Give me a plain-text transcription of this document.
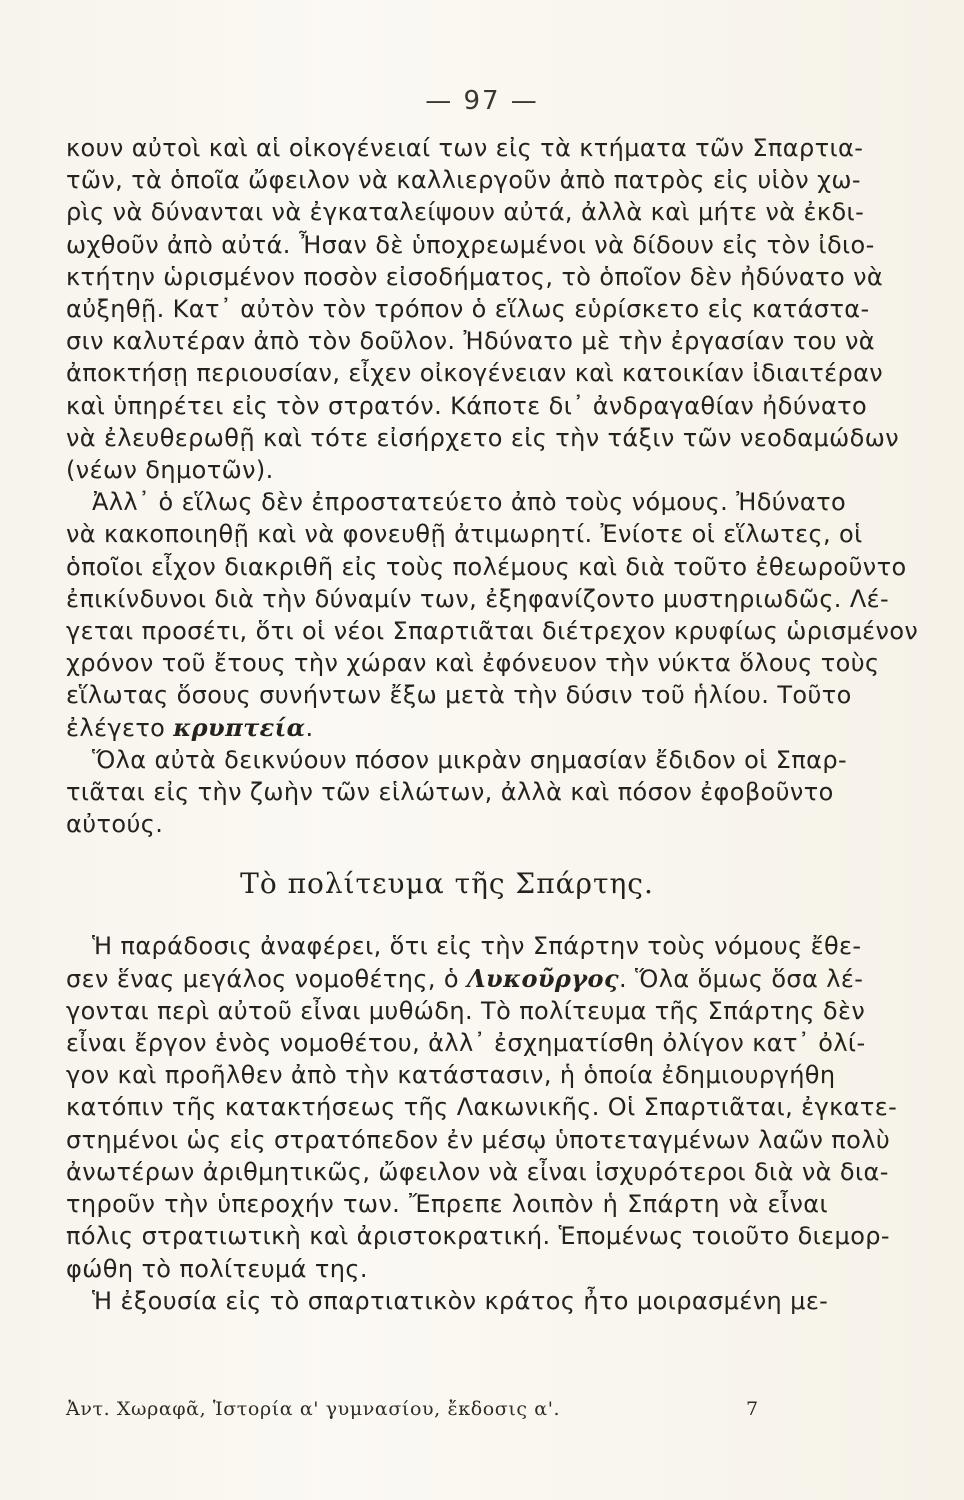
— 97 —

κουν αὐτοὶ καὶ αἱ οἰκογένειαί των εἰς τὰ κτήματα τῶν Σπαρτια-
τῶν, τὰ ὁποῖα ὤφειλον νὰ καλλιεργοῦν ἀπὸ πατρὸς εἰς υἱὸν χω-
ρὶς νὰ δύνανται νὰ ἐγκαταλείψουν αὐτά, ἀλλὰ καὶ μήτε νὰ ἐκδι-
ωχθοῦν ἀπὸ αὐτά. Ἦσαν δὲ ὑποχρεωμένοι νὰ δίδουν εἰς τὸν ἰδιο-
κτήτην ὡρισμένον ποσὸν εἰσοδήματος, τὸ ὁποῖον δὲν ἠδύνατο νὰ
αὐξηθῇ. Κατ᾿ αὐτὸν τὸν τρόπον ὁ εἵλως εὑρίσκετο εἰς κατάστα-
σιν καλυτέραν ἀπὸ τὸν δοῦλον. Ἠδύνατο μὲ τὴν ἐργασίαν του νὰ
ἀποκτήσῃ περιουσίαν, εἶχεν οἰκογένειαν καὶ κατοικίαν ἰδιαιτέραν
καὶ ὑπηρέτει εἰς τὸν στρατόν. Κάποτε δι᾿ ἀνδραγαθίαν ἠδύνατο
νὰ ἐλευθερωθῇ καὶ τότε εἰσήρχετο εἰς τὴν τάξιν τῶν νεοδαμώδων
(νέων δημοτῶν).

Ἀλλ᾿ ὁ εἵλως δὲν ἐπροστατεύετο ἀπὸ τοὺς νόμους. Ἠδύνατο
νὰ κακοποιηθῇ καὶ νὰ φονευθῇ ἀτιμωρητί. Ἐνίοτε οἱ εἵλωτες, οἱ
ὁποῖοι εἶχον διακριθῆ εἰς τοὺς πολέμους καὶ διὰ τοῦτο ἐθεωροῦντο
ἐπικίνδυνοι διὰ τὴν δύναμίν των, ἐξηφανίζοντο μυστηριωδῶς. Λέ-
γεται προσέτι, ὅτι οἱ νέοι Σπαρτιᾶται διέτρεχον κρυφίως ὡρισμένον
χρόνον τοῦ ἔτους τὴν χώραν καὶ ἐφόνευον τὴν νύκτα ὅλους τοὺς
εἵλωτας ὅσους συνήντων ἔξω μετὰ τὴν δύσιν τοῦ ἡλίου. Τοῦτο
ἐλέγετο κρυπτεία.

Ὅλα αὐτὰ δεικνύουν πόσον μικρὰν σημασίαν ἔδιδον οἱ Σπαρ-
τιᾶται εἰς τὴν ζωὴν τῶν εἱλώτων, ἀλλὰ καὶ πόσον ἐφοβοῦντο
αὐτούς.

Τὸ πολίτευμα τῆς Σπάρτης.

Ἡ παράδοσις ἀναφέρει, ὅτι εἰς τὴν Σπάρτην τοὺς νόμους ἔθε-
σεν ἕνας μεγάλος νομοθέτης, ὁ Λυκοῦργος. Ὅλα ὅμως ὅσα λέ-
γονται περὶ αὐτοῦ εἶναι μυθώδη. Τὸ πολίτευμα τῆς Σπάρτης δὲν
εἶναι ἔργον ἑνὸς νομοθέτου, ἀλλ᾿ ἐσχηματίσθη ὀλίγον κατ᾿ ὀλί-
γον καὶ προῆλθεν ἀπὸ τὴν κατάστασιν, ἡ ὁποία ἐδημιουργήθη
κατόπιν τῆς κατακτήσεως τῆς Λακωνικῆς. Οἱ Σπαρτιᾶται, ἐγκατε-
στημένοι ὡς εἰς στρατόπεδον ἐν μέσῳ ὑποτεταγμένων λαῶν πολὺ
ἀνωτέρων ἀριθμητικῶς, ὤφειλον νὰ εἶναι ἰσχυρότεροι διὰ νὰ δια-
τηροῦν τὴν ὑπεροχήν των. Ἔπρεπε λοιπὸν ἡ Σπάρτη νὰ εἶναι
πόλις στρατιωτικὴ καὶ ἀριστοκρατική. Ἑπομένως τοιοῦτο διεμορ-
φώθη τὸ πολίτευμά της.

Ἡ ἐξουσία εἰς τὸ σπαρτιατικὸν κράτος ἦτο μοιρασμένη με-

Ἀντ. Χωραφᾶ, Ἱστορία α' γυμνασίου, ἔκδοσις α'.	7
